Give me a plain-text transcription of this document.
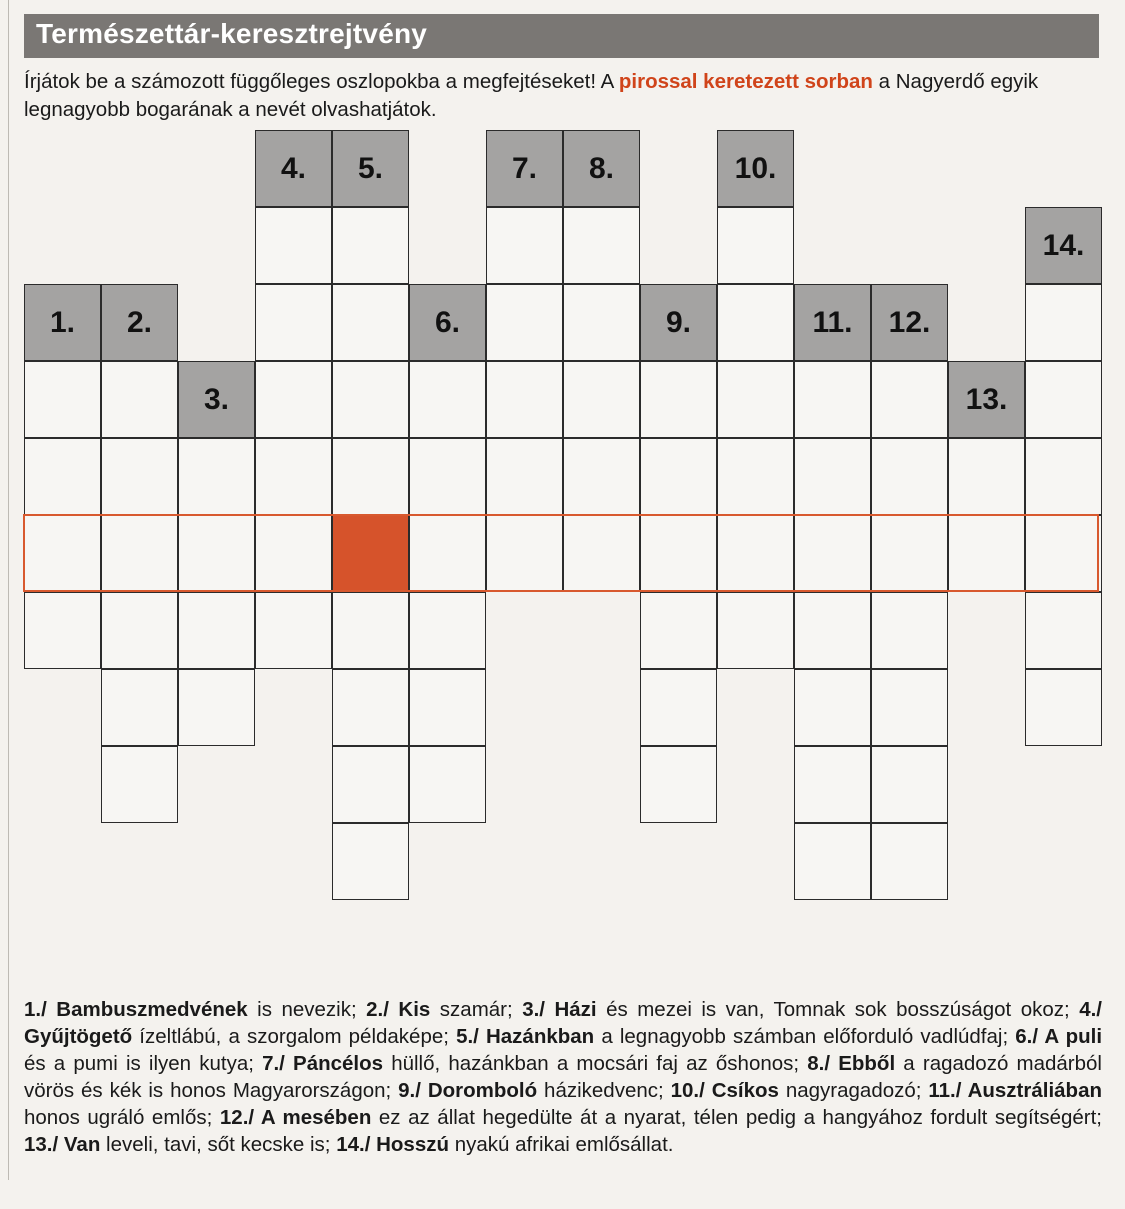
Természettár-keresztrejtvény

Írjátok be a számozott függőleges oszlopokba a megfejtéseket! A pirossal keretezett sorban a Nagyerdő egyik legnagyobb bogarának a nevét olvashatjátok.

1. 2.
3.
4. 5.
6.
7. 8.
9.
10.
11. 12.
13.
14.

1./ Bambuszmedvének is nevezik; 2./ Kis szamár; 3./ Házi és mezei is van, Tomnak sok bosszúságot okoz; 4./ Gyűjtögető ízeltlábú, a szorgalom példaképe; 5./ Hazánkban a legnagyobb számban előforduló vadlúdfaj; 6./ A puli és a pumi is ilyen kutya; 7./ Páncélos hüllő, hazánkban a mocsári faj az őshonos; 8./ Ebből a ragadozó madárból vörös és kék is honos Magyarországon; 9./ Doromboló házikedvenc; 10./ Csíkos nagyragadozó; 11./ Ausztráliában honos ugráló emlős; 12./ A mesében ez az állat hegedülte át a nyarat, télen pedig a hangyához fordult segítségért; 13./ Van leveli, tavi, sőt kecske is; 14./ Hosszú nyakú afrikai emlősállat.
